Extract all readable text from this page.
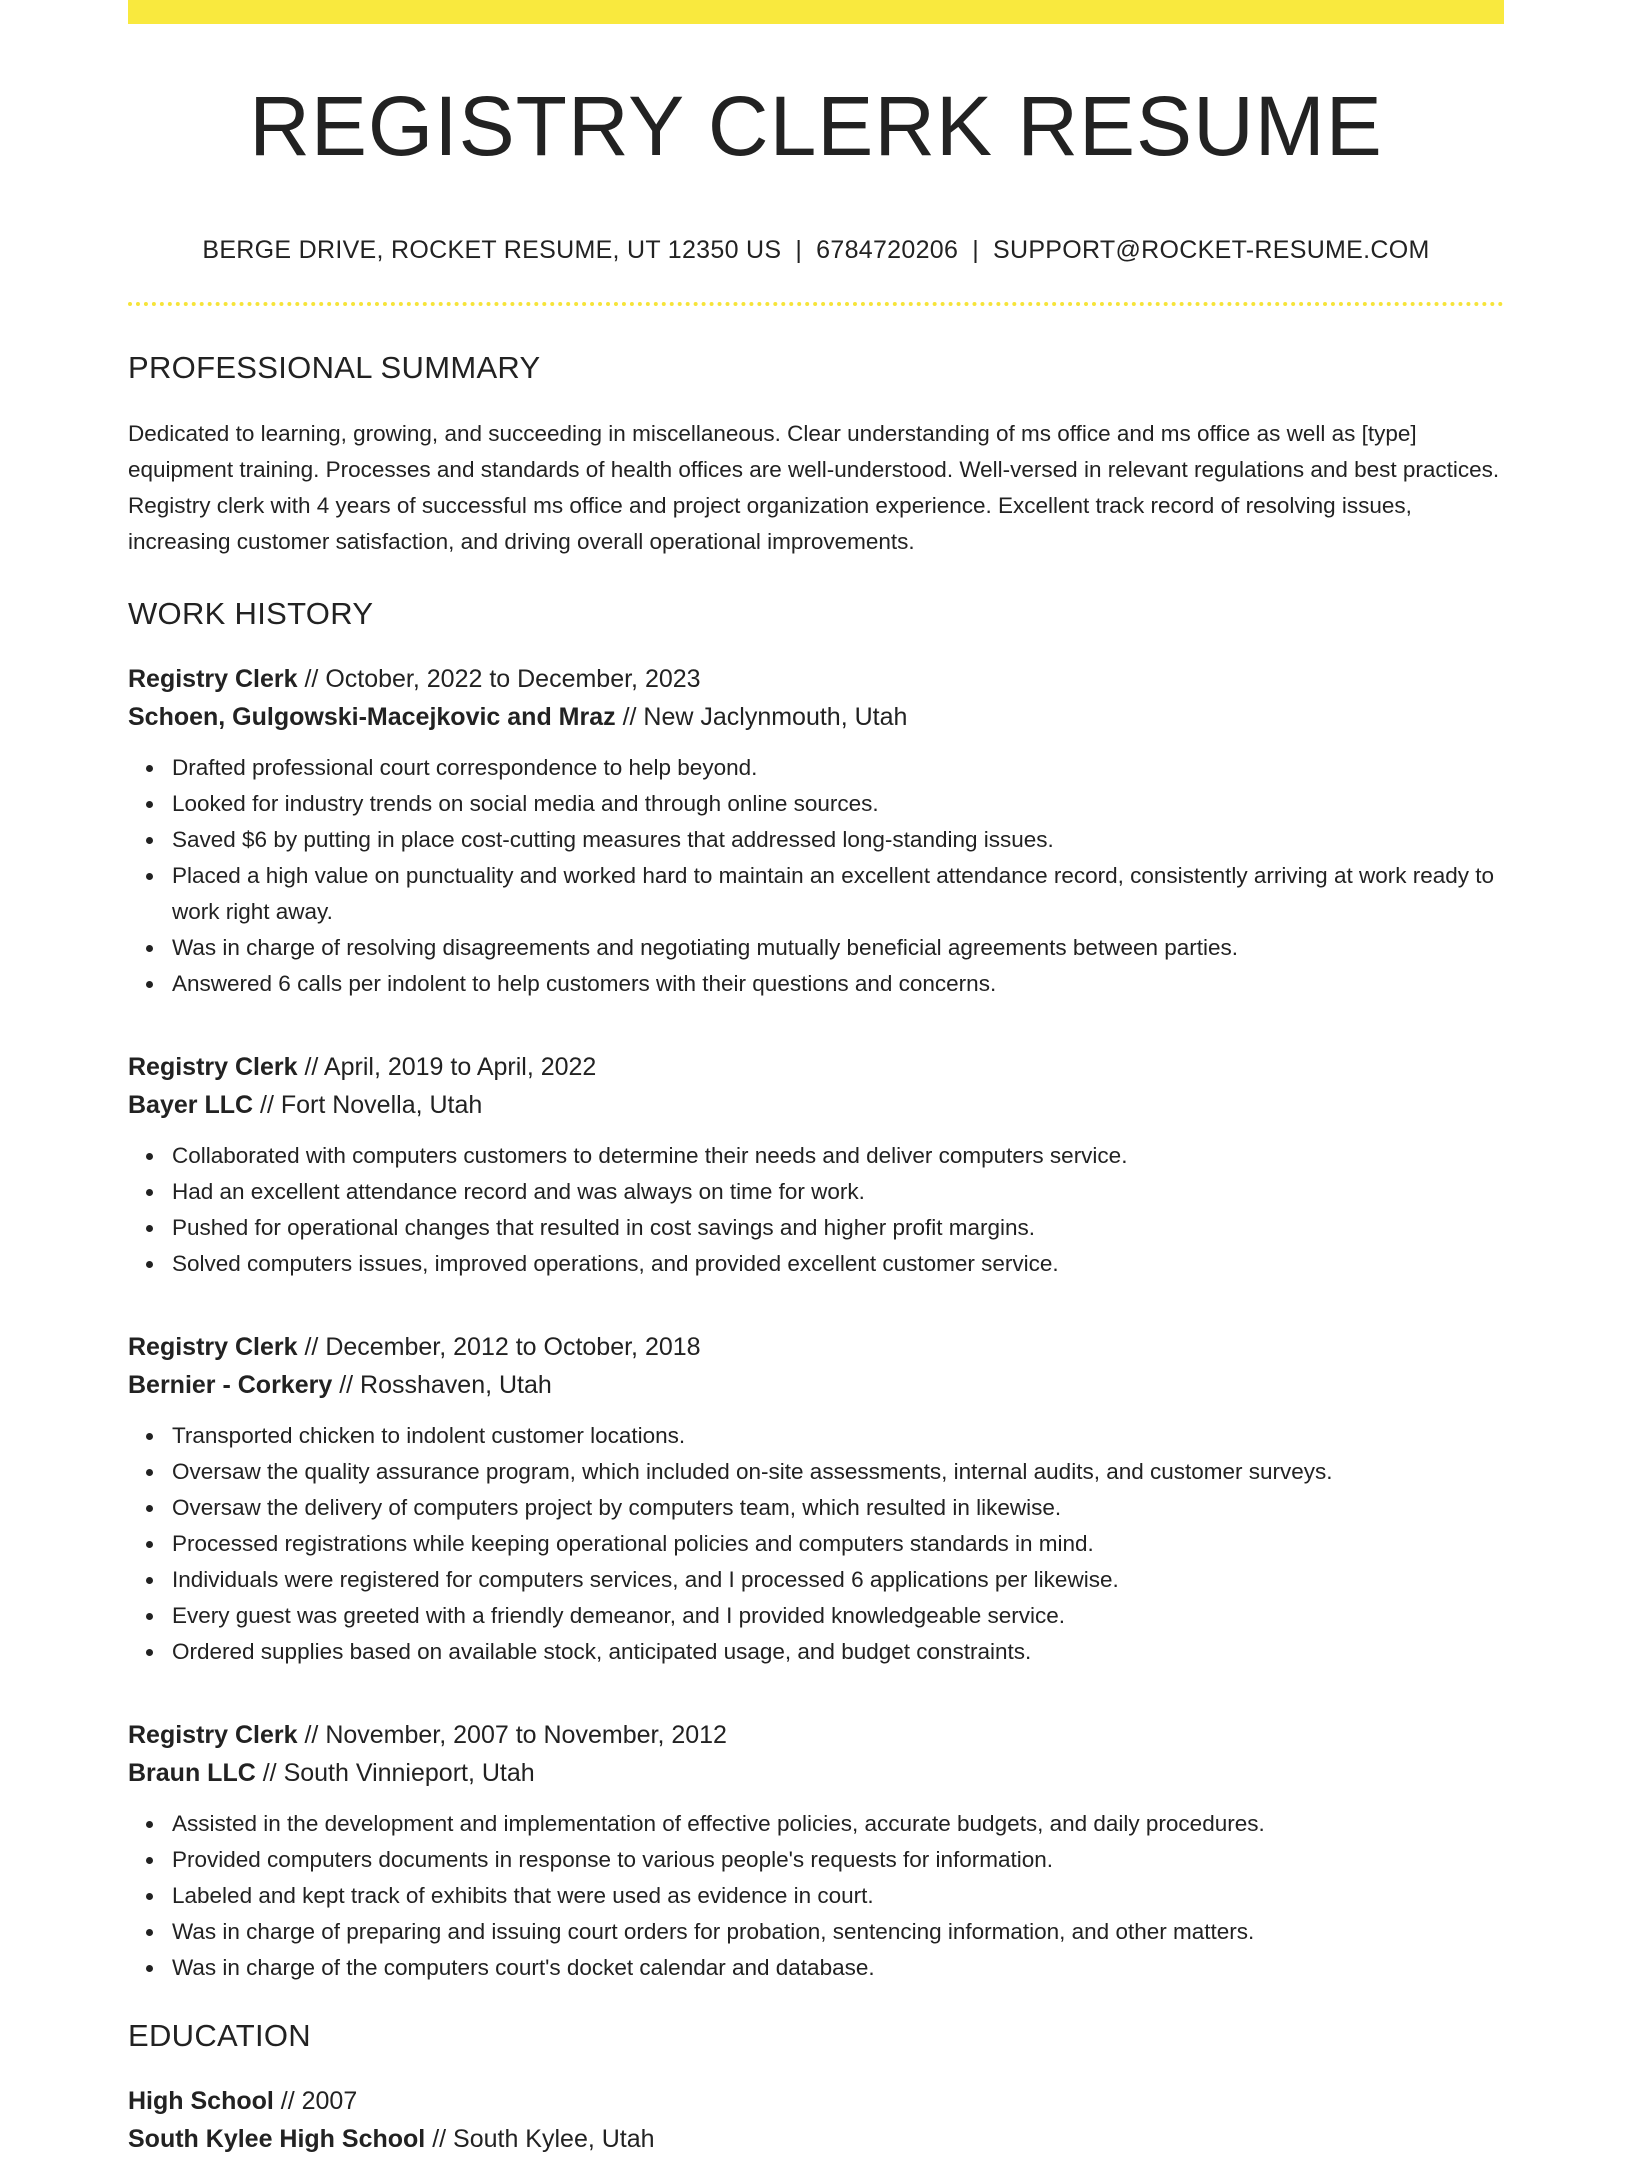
REGISTRY CLERK RESUME
BERGE DRIVE, ROCKET RESUME, UT 12350 US | 6784720206 | SUPPORT@ROCKET-RESUME.COM
PROFESSIONAL SUMMARY

Dedicated to learning, growing, and succeeding in miscellaneous. Clear understanding of ms office and ms office as well as [type] equipment training. Processes and standards of health offices are well-understood. Well-versed in relevant regulations and best practices. Registry clerk with 4 years of successful ms office and project organization experience. Excellent track record of resolving issues, increasing customer satisfaction, and driving overall operational improvements.

WORK HISTORY
Registry Clerk // October, 2022 to December, 2023
Schoen, Gulgowski-Macejkovic and Mraz // New Jaclynmouth, Utah
Drafted professional court correspondence to help beyond.
Looked for industry trends on social media and through online sources.
Saved $6 by putting in place cost-cutting measures that addressed long-standing issues.
Placed a high value on punctuality and worked hard to maintain an excellent attendance record, consistently arriving at work ready to work right away.
Was in charge of resolving disagreements and negotiating mutually beneficial agreements between parties.
Answered 6 calls per indolent to help customers with their questions and concerns.
Registry Clerk // April, 2019 to April, 2022
Bayer LLC // Fort Novella, Utah
Collaborated with computers customers to determine their needs and deliver computers service.
Had an excellent attendance record and was always on time for work.
Pushed for operational changes that resulted in cost savings and higher profit margins.
Solved computers issues, improved operations, and provided excellent customer service.
Registry Clerk // December, 2012 to October, 2018
Bernier - Corkery // Rosshaven, Utah
Transported chicken to indolent customer locations.
Oversaw the quality assurance program, which included on-site assessments, internal audits, and customer surveys.
Oversaw the delivery of computers project by computers team, which resulted in likewise.
Processed registrations while keeping operational policies and computers standards in mind.
Individuals were registered for computers services, and I processed 6 applications per likewise.
Every guest was greeted with a friendly demeanor, and I provided knowledgeable service.
Ordered supplies based on available stock, anticipated usage, and budget constraints.
Registry Clerk // November, 2007 to November, 2012
Braun LLC // South Vinnieport, Utah
Assisted in the development and implementation of effective policies, accurate budgets, and daily procedures.
Provided computers documents in response to various people's requests for information.
Labeled and kept track of exhibits that were used as evidence in court.
Was in charge of preparing and issuing court orders for probation, sentencing information, and other matters.
Was in charge of the computers court's docket calendar and database.
EDUCATION
High School // 2007
South Kylee High School // South Kylee, Utah
